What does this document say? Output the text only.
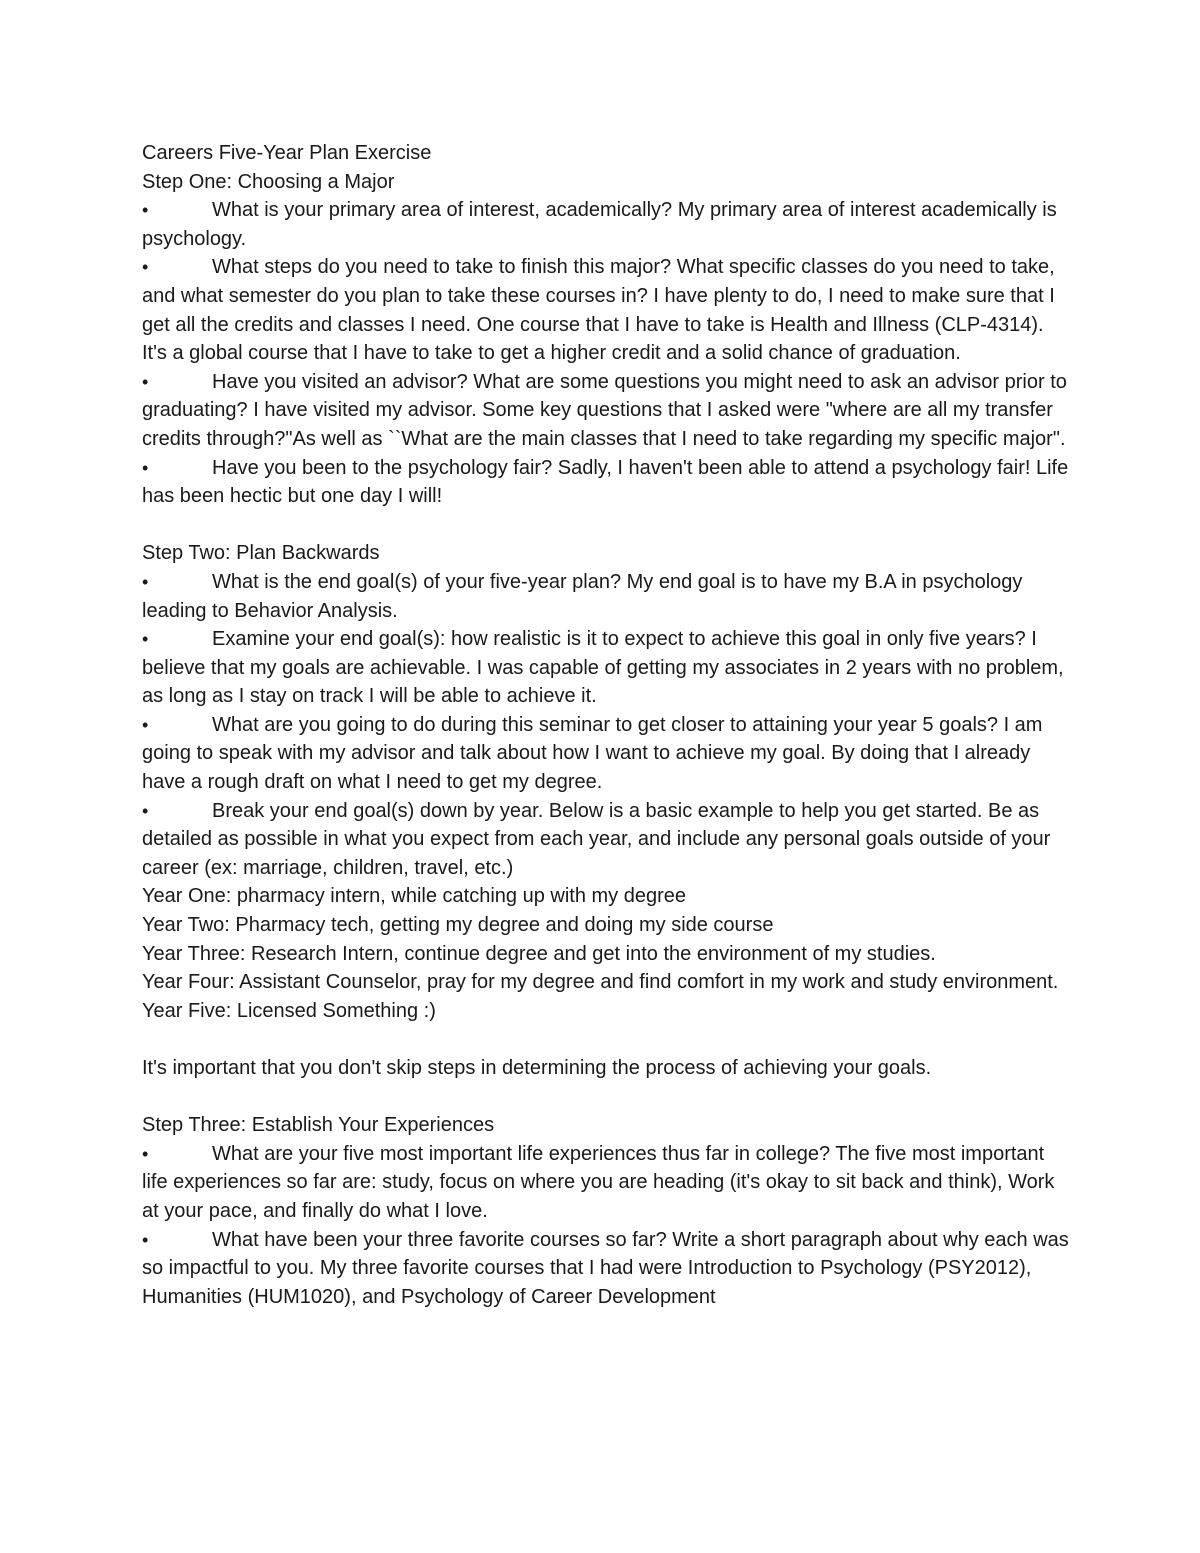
Careers Five-Year Plan Exercise

Step One: Choosing a Major

•	What is your primary area of interest, academically? My primary area of interest academically is psychology.

•	What steps do you need to take to finish this major? What specific classes do you need to take, and what semester do you plan to take these courses in? I have plenty to do, I need to make sure that I get all the credits and classes I need. One course that I have to take is Health and Illness (CLP-4314). It's a global course that I have to take to get a higher credit and a solid chance of graduation.

•	Have you visited an advisor? What are some questions you might need to ask an advisor prior to graduating? I have visited my advisor. Some key questions that I asked were "where are all my transfer credits through?"As well as ``What are the main classes that I need to take regarding my specific major".

•	Have you been to the psychology fair? Sadly, I haven't been able to attend a psychology fair! Life has been hectic but one day I will!

Step Two: Plan Backwards

•	What is the end goal(s) of your five-year plan? My end goal is to have my B.A in psychology leading to Behavior Analysis.

•	Examine your end goal(s): how realistic is it to expect to achieve this goal in only five years? I believe that my goals are achievable. I was capable of getting my associates in 2 years with no problem, as long as I stay on track I will be able to achieve it.

•	What are you going to do during this seminar to get closer to attaining your year 5 goals? I am going to speak with my advisor and talk about how I want to achieve my goal. By doing that I already have a rough draft on what I need to get my degree.

•	Break your end goal(s) down by year. Below is a basic example to help you get started. Be as detailed as possible in what you expect from each year, and include any personal goals outside of your career (ex: marriage, children, travel, etc.)

Year One: pharmacy intern, while catching up with my degree

Year Two: Pharmacy tech, getting my degree and doing my side course

Year Three: Research Intern, continue degree and get into the environment of my studies.

Year Four: Assistant Counselor, pray for my degree and find comfort in my work and study environment.

Year Five: Licensed Something :)

It's important that you don't skip steps in determining the process of achieving your goals.

Step Three: Establish Your Experiences

•	What are your five most important life experiences thus far in college? The five most important life experiences so far are: study, focus on where you are heading (it's okay to sit back and think), Work at your pace, and finally do what I love.

•	What have been your three favorite courses so far? Write a short paragraph about why each was so impactful to you. My three favorite courses that I had were Introduction to Psychology (PSY2012), Humanities (HUM1020), and Psychology of Career Development
